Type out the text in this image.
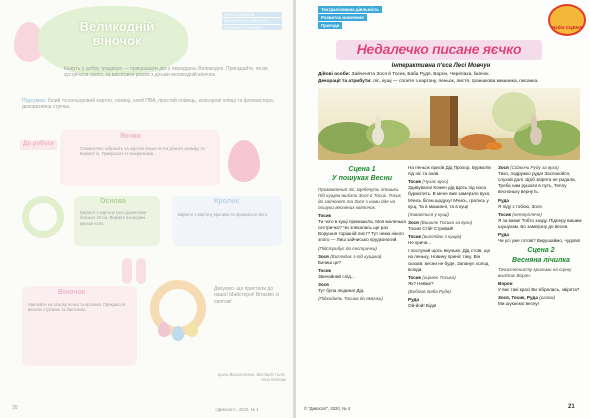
Великодній віночок
Конструювання
Декоративна діяльність
Художня література
Кажуть у добру традицію — прикрашати дім у переддень Великодня. Пригадайте, як ви зустрічали свято, та виготовте разом з дітьми великодній віночок.
Підсумок: білий та кольоровий картон, ножиці, клей ПВА, простий олівець, кольорові олівці та фломастери, декоративна стрічка.
До роботи
Яєчка
Схематично зобразіть на картоні кілька яєчок різного розміру та виріжте їх. Прикрасьте їх візерунками.
Основа
Виріжте з картону коло діаметром близько 20 см. Виріжте всередині менше коло.
Кролик
Виріжте з картону кролика та прикрасьте його.
Віночок
Наклейте на основу яєчка та кролика. Прикрасьте віночок стрічкою та бантиком.
Дякуємо, що пристали до нашої Майстерні! Вітаємо зі святом!
Ірина Васильченко, Вікторія Галін, Ніна Котова
20	«Дивосвіт», 2020, № 4
Театралізована діяльність
Розвиток мовлення
Пригоди	Надія СЦЕНА
Недалечко писане яєчко
Інтерактивна п'єса Лесі Мовчун
Дійові особи: Зайченята Зося й Тосик, Баба Рудя, Ворон, Черепаха, Їжачок.
Декорації та атрибути: ліс, кущі — сплете з картону, пеньок, листя, граншкова мишника, писанка.
Сцена 1
У пошуках Весни

Промовлений ліс. Щебечуть пташки. Під кущем вилізли Зося й Тосик. Тосик до зайченят та Зося з ними йде на пошуки весняних квіточок.

Тосик
Ти чого в кущі принишкла, Моя маленька сестричко? Чи злякалась ще раз Ворушня торішній лист? Тут нема нікого злого — Лиш зайчисько прудконогий.

(Підстрибує до сестрички)

Зося (Виглядає з-під кущика)
Бачиш це?

Тосик
Звичайний слід...

Зося
Тут була людина! Дід.

(Підходить Тосика до ямочки)

На пеньок присів Дід Прохор, Бурмотів під ніс та охав.

Тосик (Чухає вухо)
Здивувала! Кожен дід Щось під носа бурмотить. В мене вже замерзло вухо. Мчись бігом щодуху! Мчись, гратись у кущ, Та в машинні, та в кущ!

(Ховається у кущі)

Зося (Вишклк Тосика за вухо)
Тосик! Стій! Стривай!

Тосик (виглядає з кущів)
Не кричи...

І послухай щось вкуньке. Дід стоїв, що на пеньку, Новину приніс таку. Він сказав: весни не буде, Запанує холод всюди.

Тосик (оцінює Тосика)
Як? Невже?

(Вибігає Баба Рудя)

Руда
Ой-йой! Біда!

Зося (Сідаючи Руду за вуха)
Тихо, подружко руда! Заспокойся, слухай далі. Щоб звірята не ридали, Треба нам рушати в путь, Теплу весноньку вернуть.

Руда
Я піду з тобою, Зося.

Тосик (нетерпляче)
Я за вами! Тобто ззаду. Підперу вашим шушукам, Бо замерзну до весни.

Руда
Чи усі уже готові? Вирушаймо, чудово!

Сцена 2
Весняна лічилка

Тачистеснисту крильми на сцену вилітає Ворон.

Ворон
У вас такі красі Ви зібрались, звірята?

Зося, Тосик, Руда (разом)
Ми шукаємо весну!

© "Дивосвіт", 2020, № 4	21
